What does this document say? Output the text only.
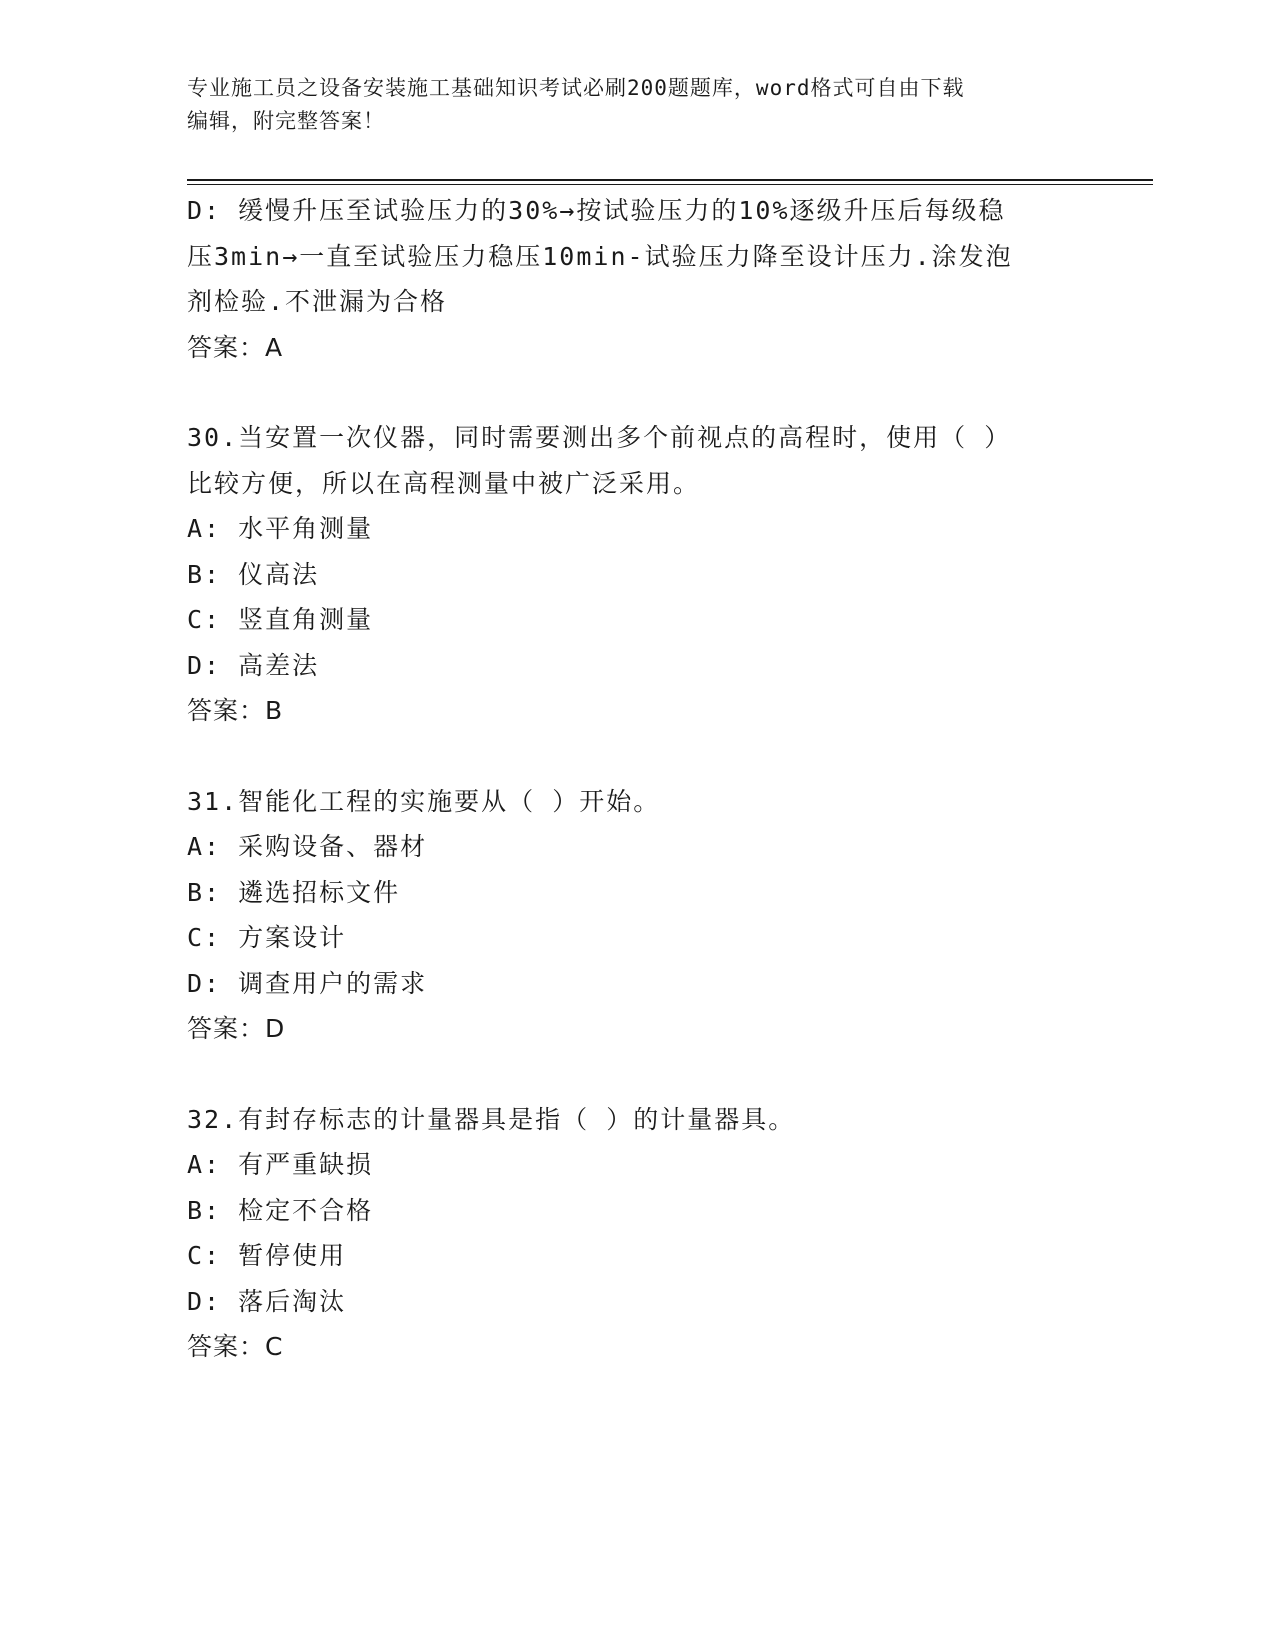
专业施工员之设备安装施工基础知识考试必刷200题题库，word格式可自由下载
编辑，附完整答案！
D: 缓慢升压至试验压力的30%→按试验压力的10%逐级升压后每级稳
压3min→一直至试验压力稳压10min-试验压力降至设计压力.涂发泡
剂检验.不泄漏为合格
答案：A
30.当安置一次仪器，同时需要测出多个前视点的高程时，使用（ ）
比较方便，所以在高程测量中被广泛采用。
A: 水平角测量
B: 仪高法
C: 竖直角测量
D: 高差法
答案：B
31.智能化工程的实施要从（ ）开始。
A: 采购设备、器材
B: 遴选招标文件
C: 方案设计
D: 调查用户的需求
答案：D
32.有封存标志的计量器具是指（ ）的计量器具。
A: 有严重缺损
B: 检定不合格
C: 暂停使用
D: 落后淘汰
答案：C
